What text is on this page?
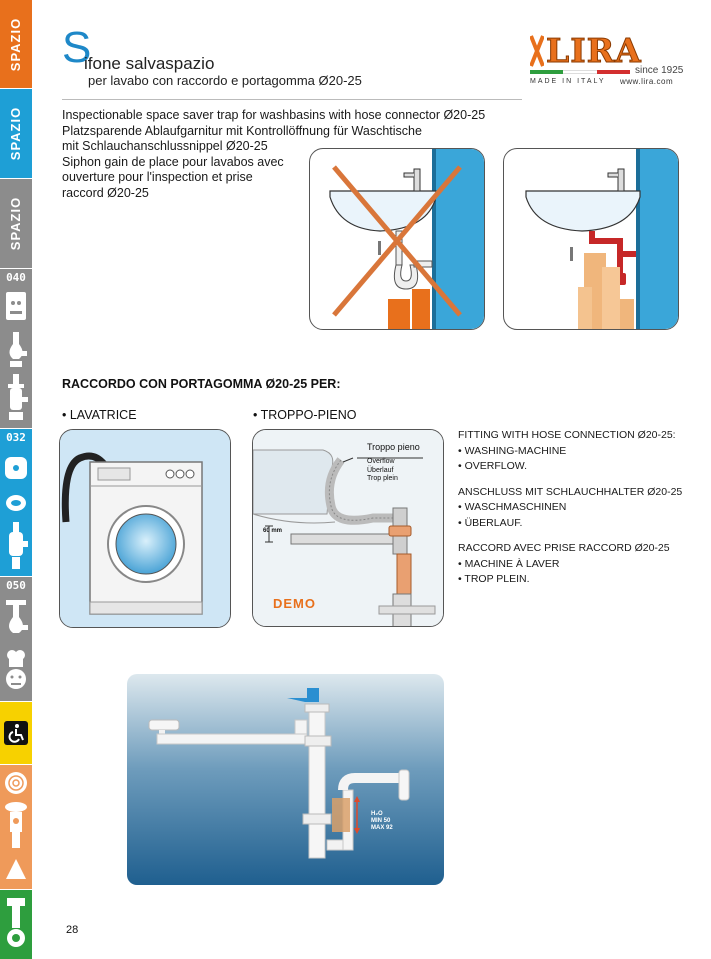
SPAZIO
SPAZIO
SPAZIO
040
032
050
S
ifone salvaspazio
per lavabo con raccordo e portagomma Ø20-25
LIRA
since 1925
MADE IN ITALY www.lira.com
Inspectionable space saver trap for washbasins with hose connector Ø20-25
Platzsparende Ablaufgarnitur mit Kontrollöffnung für Waschtische
mit Schlauchanschlussnippel Ø20-25
Siphon gain de place pour lavabos avec
ouverture pour l'inspection et prise
raccord Ø20-25
RACCORDO CON PORTAGOMMA Ø20-25 PER:
• LAVATRICE	• TROPPO-PIENO
Troppo pieno
Overflow
Überlauf
Trop plein
60 mm
DEMO
FITTING WITH HOSE CONNECTION Ø20-25:
• WASHING-MACHINE
• OVERFLOW.
ANSCHLUSS MIT SCHLAUCHHALTER Ø20-25
• WASCHMASCHINEN
• ÜBERLAUF.
RACCORD AVEC PRISE RACCORD Ø20-25
• MACHINE À LAVER
• TROP PLEIN.
H₂O
MIN 50
MAX 92
28
